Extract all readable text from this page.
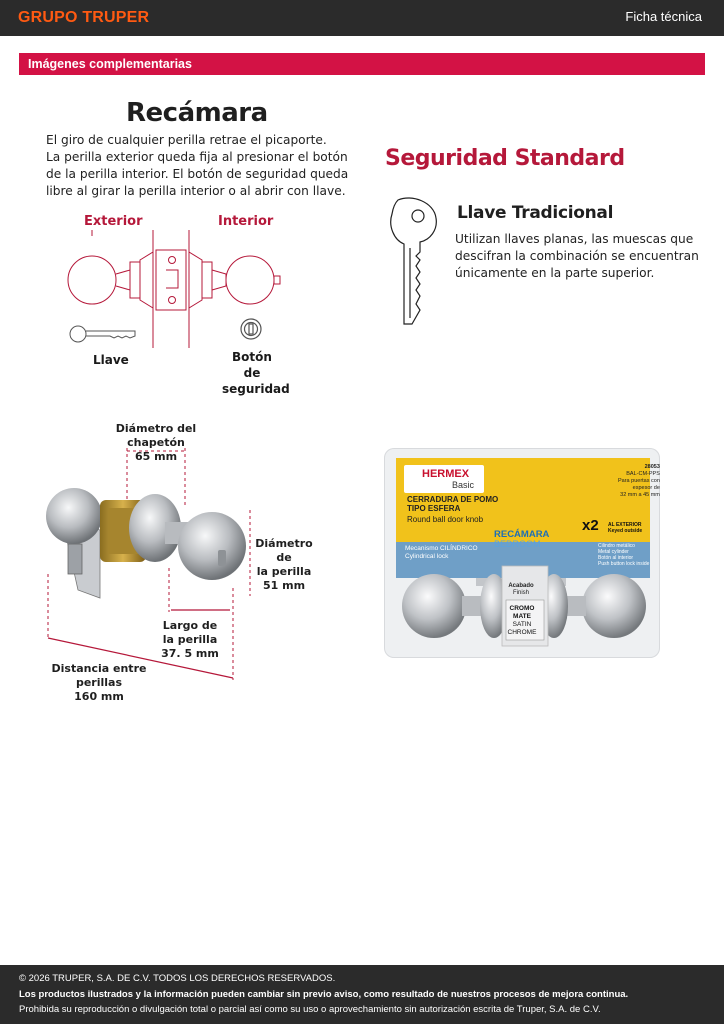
GRUPO TRUPER	Ficha técnica
Imágenes complementarias
Recámara
El giro de cualquier perilla retrae el picaporte.
La perilla exterior queda fija al presionar el botón
de la perilla interior. El botón de seguridad queda
libre al girar la perilla interior o al abrir con llave.
Exterior	Interior
Llave	Botón de seguridad
Seguridad Standard
Llave Tradicional
Utilizan llaves planas, las muescas que
descifran la combinación se encuentran
únicamente en la parte superior.
Diámetro del chapetón
65 mm
Diámetro de
la perilla
51 mm
Largo de
la perilla
37. 5 mm
Distancia entre perillas
160 mm
HERMEX
Basic
28053
BAL-CM-PPS
Para puertas con
espesor de
32 mm a 45 mm
CERRADURA DE POMO
TIPO ESFERA
Round ball door knob
RECÁMARA
BEDROOM
Mecanismo CILÍNDRICO
Cylindrical lock
x2 AL EXTERIOR
Keyed outside
Cilindro metálico
Metal cylinder
Botón al interior
Push button lock inside
Acabado
Finish
CROMO
MATE
SATIN
CHROME
© 2026 TRUPER, S.A. DE C.V. TODOS LOS DERECHOS RESERVADOS.
Los productos ilustrados y la información pueden cambiar sin previo aviso, como resultado de nuestros procesos de mejora continua.
Prohibida su reproducción o divulgación total o parcial así como su uso o aprovechamiento sin autorización escrita de Truper, S.A. de C.V.
